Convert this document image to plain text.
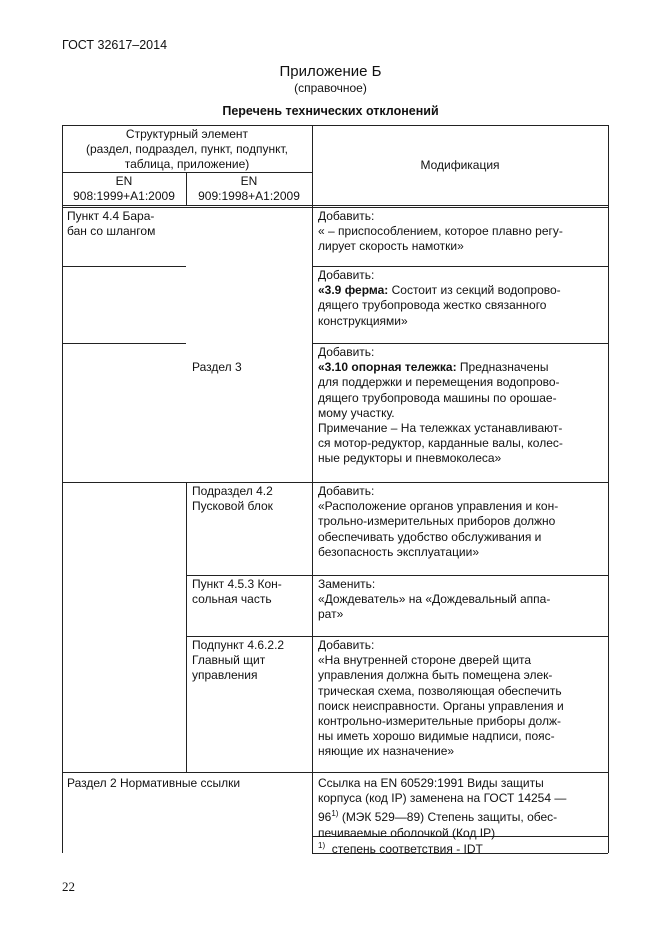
ГОСТ 32617–2014
Приложение Б
(справочное)
Перечень технических отклонений
Структурный элемент
(раздел, подраздел, пункт, подпункт,
таблица, приложение)
EN
908:1999+A1:2009
EN
909:1998+A1:2009
Модификация
Пункт 4.4 Бара-
бан со шлангом
Добавить:
« – приспособлением, которое плавно регу-
лирует скорость намотки»
Добавить:
«3.9 ферма: Состоит из секций водопрово-
дящего трубопровода жестко связанного
конструкциями»
Раздел 3
Добавить:
«3.10 опорная тележка: Предназначены
для поддержки и перемещения водопрово-
дящего трубопровода машины по орошае-
мому участку.
Примечание – На тележках устанавливают-
ся мотор-редуктор, карданные валы, колес-
ные редукторы и пневмоколеса»
Подраздел 4.2
Пусковой блок
Добавить:
«Расположение органов управления и кон-
трольно-измерительных приборов должно
обеспечивать удобство обслуживания и
безопасность эксплуатации»
Пункт 4.5.3 Кон-
сольная часть
Заменить:
«Дождеватель» на «Дождевальный аппа-
рат»
Подпункт 4.6.2.2
Главный щит
управления
Добавить:
«На внутренней стороне дверей щита
управления должна быть помещена элек-
трическая схема, позволяющая обеспечить
поиск неисправности. Органы управления и
контрольно-измерительные приборы долж-
ны иметь хорошо видимые надписи, пояс-
няющие их назначение»
Раздел 2 Нормативные ссылки	Ссылка на EN 60529:1991 Виды защиты
корпуса (код IP) заменена на ГОСТ 14254 —
96$^{1)}$ (МЭК 529—89) Степень защиты, обес-
печиваемые оболочкой (Код IP)
$^{1)}$ степень соответствия - IDT
22
